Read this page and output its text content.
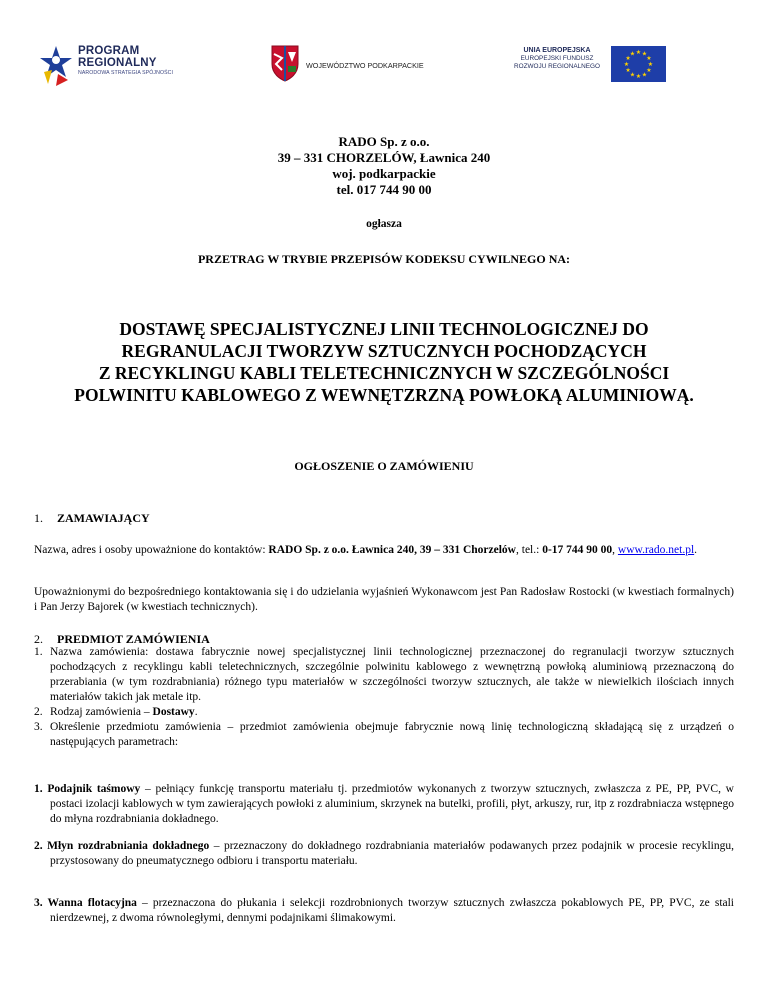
PROGRAM
REGIONALNY
NARODOWA STRATEGIA SPÓJNOŚCI
WOJEWÓDZTWO PODKARPACKIE
UNIA EUROPEJSKA
EUROPEJSKI FUNDUSZ
ROZWOJU REGIONALNEGO
★ ★
★
★
★
★
★
★
★
★
★
★
RADO Sp. z o.o.
39 – 331 CHORZELÓW, Ławnica 240
woj. podkarpackie
tel. 017 744 90 00
ogłasza
PRZETRAG W TRYBIE PRZEPISÓW KODEKSU CYWILNEGO NA:
DOSTAWĘ SPECJALISTYCZNEJ LINII TECHNOLOGICZNEJ DO
REGRANULACJI TWORZYW SZTUCZNYCH POCHODZĄCYCH
Z RECYKLINGU KABLI TELETECHNICZNYCH W SZCZEGÓLNOŚCI
POLWINITU KABLOWEGO Z WEWNĘTZRZNĄ POWŁOKĄ ALUMINIOWĄ.
OGŁOSZENIE O ZAMÓWIENIU
1. ZAMAWIAJĄCY
Nazwa, adres i osoby upoważnione do kontaktów: RADO Sp. z o.o. Ławnica 240, 39 – 331 Chorzelów, tel.: 0-17 744 90 00, www.rado.net.pl.
Upoważnionymi do bezpośredniego kontaktowania się i do udzielania wyjaśnień Wykonawcom jest Pan Radosław Rostocki (w kwestiach formalnych) i Pan Jerzy Bajorek (w kwestiach technicznych).
2. PREDMIOT ZAMÓWIENIA
1. Nazwa zamówienia: dostawa fabrycznie nowej specjalistycznej linii technologicznej przeznaczonej do regranulacji tworzyw sztucznych pochodzących z recyklingu kabli teletechnicznych, szczególnie polwinitu kablowego z wewnętrzną powłoką aluminiową przeznaczoną do przerabiania (w tym rozdrabniania) różnego typu materiałów w szczególności tworzyw sztucznych, ale także w niewielkich ilościach innych materiałów takich jak metale itp.
2. Rodzaj zamówienia – Dostawy.
3. Określenie przedmiotu zamówienia – przedmiot zamówienia obejmuje fabrycznie nową linię technologiczną składającą się z urządzeń o następujących parametrach:
1. Podajnik taśmowy – pełniący funkcję transportu materiału tj. przedmiotów wykonanych z tworzyw sztucznych, zwłaszcza z PE, PP, PVC, w postaci izolacji kablowych w tym zawierających powłoki z aluminium, skrzynek na butelki, profili, płyt, arkuszy, rur, itp z rozdrabniacza wstępnego do młyna rozdrabniania dokładnego.
2. Młyn rozdrabniania dokładnego – przeznaczony do dokładnego rozdrabniania materiałów podawanych przez podajnik w procesie recyklingu, przystosowany do pneumatycznego odbioru i transportu materiału.
3. Wanna flotacyjna – przeznaczona do płukania i selekcji rozdrobnionych tworzyw sztucznych zwłaszcza pokablowych PE, PP, PVC, ze stali nierdzewnej, z dwoma równoległymi, dennymi podajnikami ślimakowymi.
